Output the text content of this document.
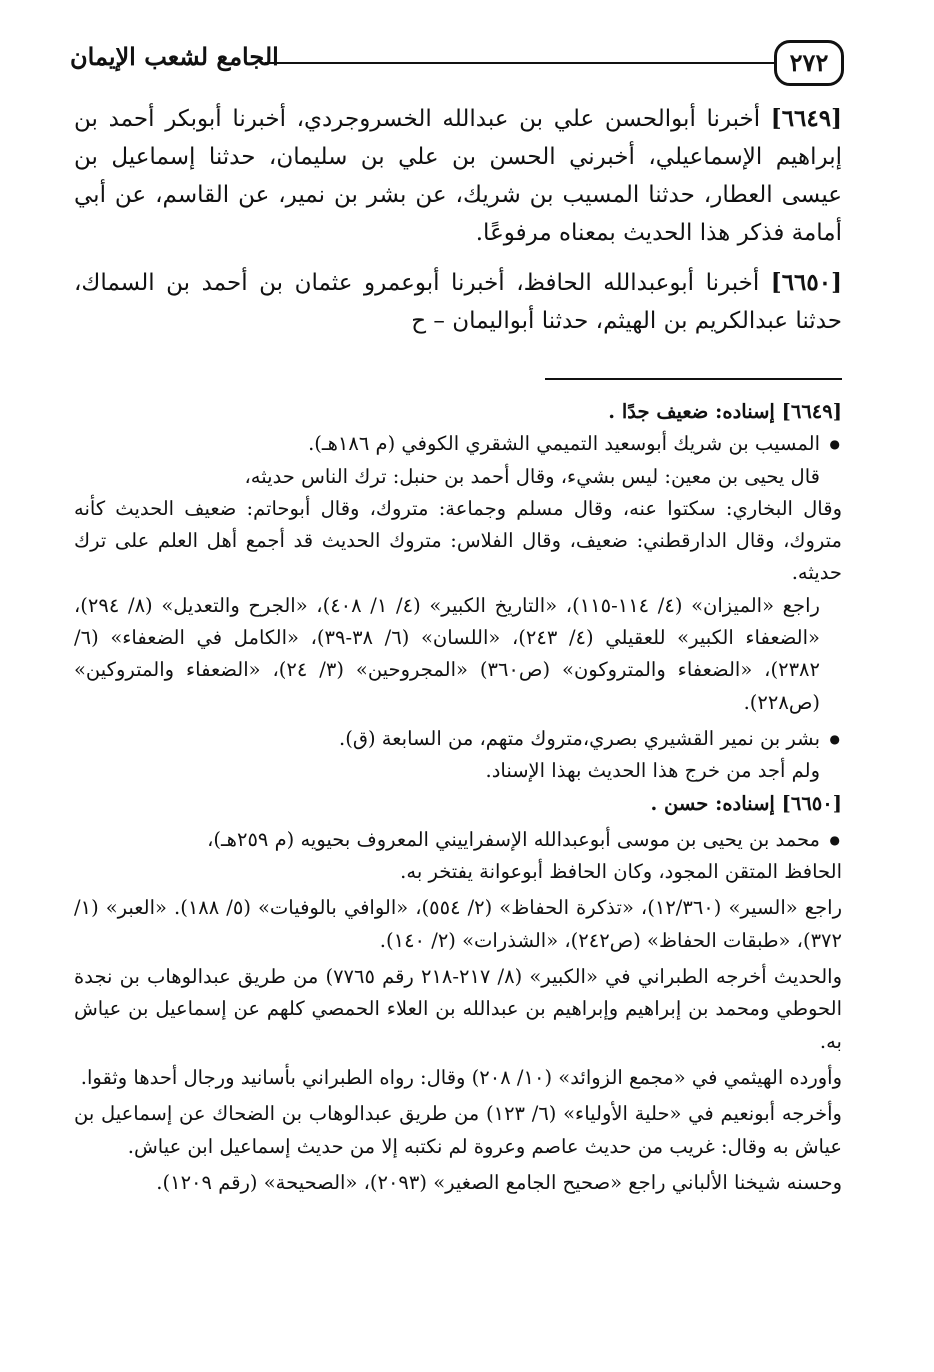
٢٧٢
الجامع لشعب الإيمان

[٦٦٤٩] أخبرنا أبوالحسن علي بن عبدالله الخسروجردي، أخبرنا أبوبكر أحمد بن إبراهيم الإسماعيلي، أخبرني الحسن بن علي بن سليمان، حدثنا إسماعيل بن عيسى العطار، حدثنا المسيب بن شريك، عن بشر بن نمير، عن القاسم، عن أبي أمامة فذكر هذا الحديث بمعناه مرفوعًا.

[٦٦٥٠] أخبرنا أبوعبدالله الحافظ، أخبرنا أبوعمرو عثمان بن أحمد بن السماك، حدثنا عبدالكريم بن الهيثم، حدثنا أبواليمان – ح

[٦٦٤٩] إسناده: ضعيف جدًا .

● المسيب بن شريك أبوسعيد التميمي الشقري الكوفي (م ١٨٦هـ).

قال يحيى بن معين: ليس بشيء، وقال أحمد بن حنبل: ترك الناس حديثه،

وقال البخاري: سكتوا عنه، وقال مسلم وجماعة: متروك، وقال أبوحاتم: ضعيف الحديث كأنه متروك، وقال الدارقطني: ضعيف، وقال الفلاس: متروك الحديث قد أجمع أهل العلم على ترك حديثه.

راجع «الميزان» (٤/ ١١٤-١١٥)، «التاريخ الكبير» (٤/ ١/ ٤٠٨)، «الجرح والتعديل» (٨/ ٢٩٤)، «الضعفاء الكبير» للعقيلي (٤/ ٢٤٣)، «اللسان» (٦/ ٣٨-٣٩)، «الكامل في الضعفاء» (٦/ ٢٣٨٢)، «الضعفاء والمتروكون» (ص٣٦٠) «المجروحين» (٣/ ٢٤)، «الضعفاء والمتروكين» (ص٢٢٨).

● بشر بن نمير القشيري بصري،متروك متهم، من السابعة (ق).

ولم أجد من خرج هذا الحديث بهذا الإسناد.

[٦٦٥٠] إسناده: حسن .

● محمد بن يحيى بن موسى أبوعبدالله الإسفراييني المعروف بحيويه (م ٢٥٩هـ)،

الحافظ المتقن المجود، وكان الحافظ أبوعوانة يفتخر به.

راجع «السير» (١٢/٣٦٠)، «تذكرة الحفاظ» (٢/ ٥٥٤)، «الوافي بالوفيات» (٥/ ١٨٨). «العبر» (١/ ٣٧٢)، «طبقات الحفاظ» (ص٢٤٢)، «الشذرات» (٢/ ١٤٠).

والحديث أخرجه الطبراني في «الكبير» (٨/ ٢١٧-٢١٨ رقم ٧٧٦٥) من طريق عبدالوهاب بن نجدة الحوطي ومحمد بن إبراهيم وإبراهيم بن عبدالله بن العلاء الحمصي كلهم عن إسماعيل بن عياش به.

وأورده الهيثمي في «مجمع الزوائد» (١٠/ ٢٠٨) وقال: رواه الطبراني بأسانيد ورجال أحدها وثقوا.

وأخرجه أبونعيم في «حلية الأولياء» (٦/ ١٢٣) من طريق عبدالوهاب بن الضحاك عن إسماعيل بن عياش به وقال: غريب من حديث عاصم وعروة لم نكتبه إلا من حديث إسماعيل ابن عياش.

وحسنه شيخنا الألباني راجع «صحيح الجامع الصغير» (٢٠٩٣)، «الصحيحة» (رقم ١٢٠٩).
